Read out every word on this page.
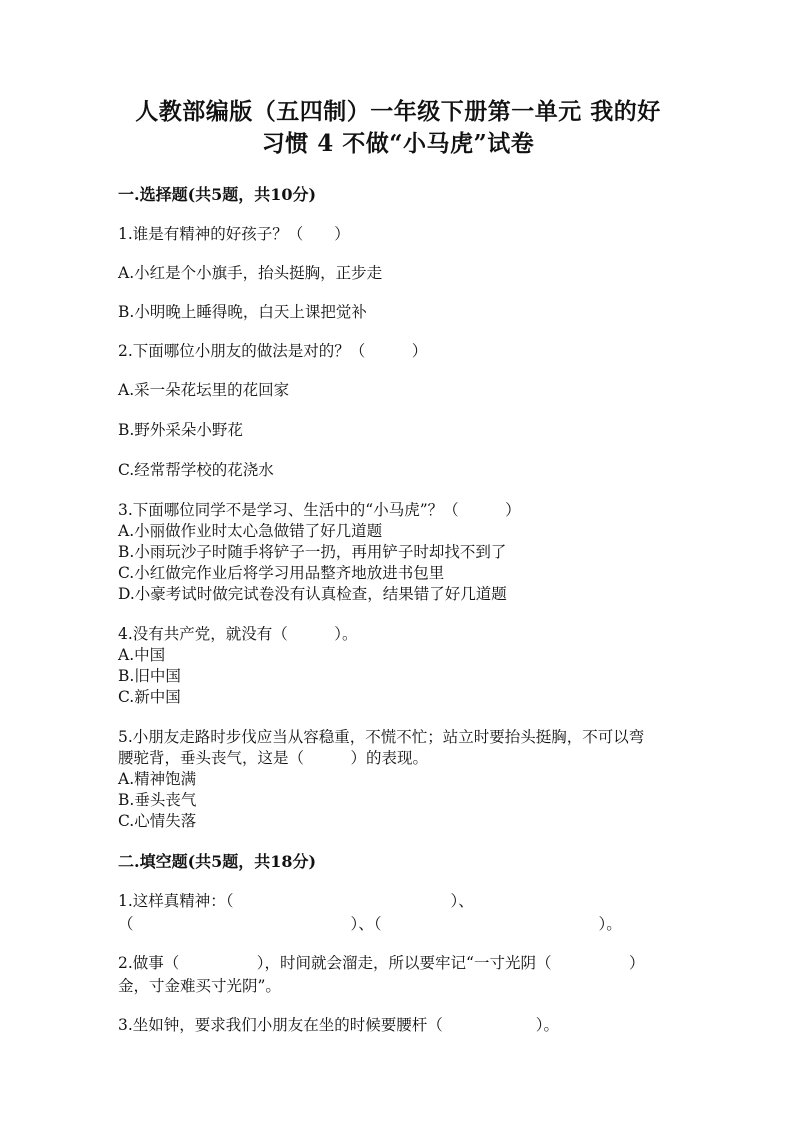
人教部编版（五四制）一年级下册第一单元 我的好
习惯 4 不做“小马虎”试卷
一.选择题(共5题，共10分)
1.谁是有精神的好孩子？（　　）
A.小红是个小旗手，抬头挺胸，正步走
B.小明晚上睡得晚，白天上课把觉补
2.下面哪位小朋友的做法是对的？（　　　）
A.采一朵花坛里的花回家
B.野外采朵小野花
C.经常帮学校的花浇水
3.下面哪位同学不是学习、生活中的“小马虎”？（　　　）
A.小丽做作业时太心急做错了好几道题
B.小雨玩沙子时随手将铲子一扔，再用铲子时却找不到了
C.小红做完作业后将学习用品整齐地放进书包里
D.小豪考试时做完试卷没有认真检查，结果错了好几道题
4.没有共产党，就没有（　　　）。
A.中国
B.旧中国
C.新中国
5.小朋友走路时步伐应当从容稳重，不慌不忙；站立时要抬头挺胸，不可以弯
腰驼背，垂头丧气，这是（　　　）的表现。
A.精神饱满
B.垂头丧气
C.心情失落
二.填空题(共5题，共18分)
1.这样真精神：（　　　　　　　　　　　　　　）、
（　　　　　　　　　　　　　　）、（　　　　　　　　　　　　　　）。
2.做事（　　　　　），时间就会溜走，所以要牢记“一寸光阴（　　　　　）
金，寸金难买寸光阴”。
3.坐如钟，要求我们小朋友在坐的时候要腰杆（　　　　　　）。
